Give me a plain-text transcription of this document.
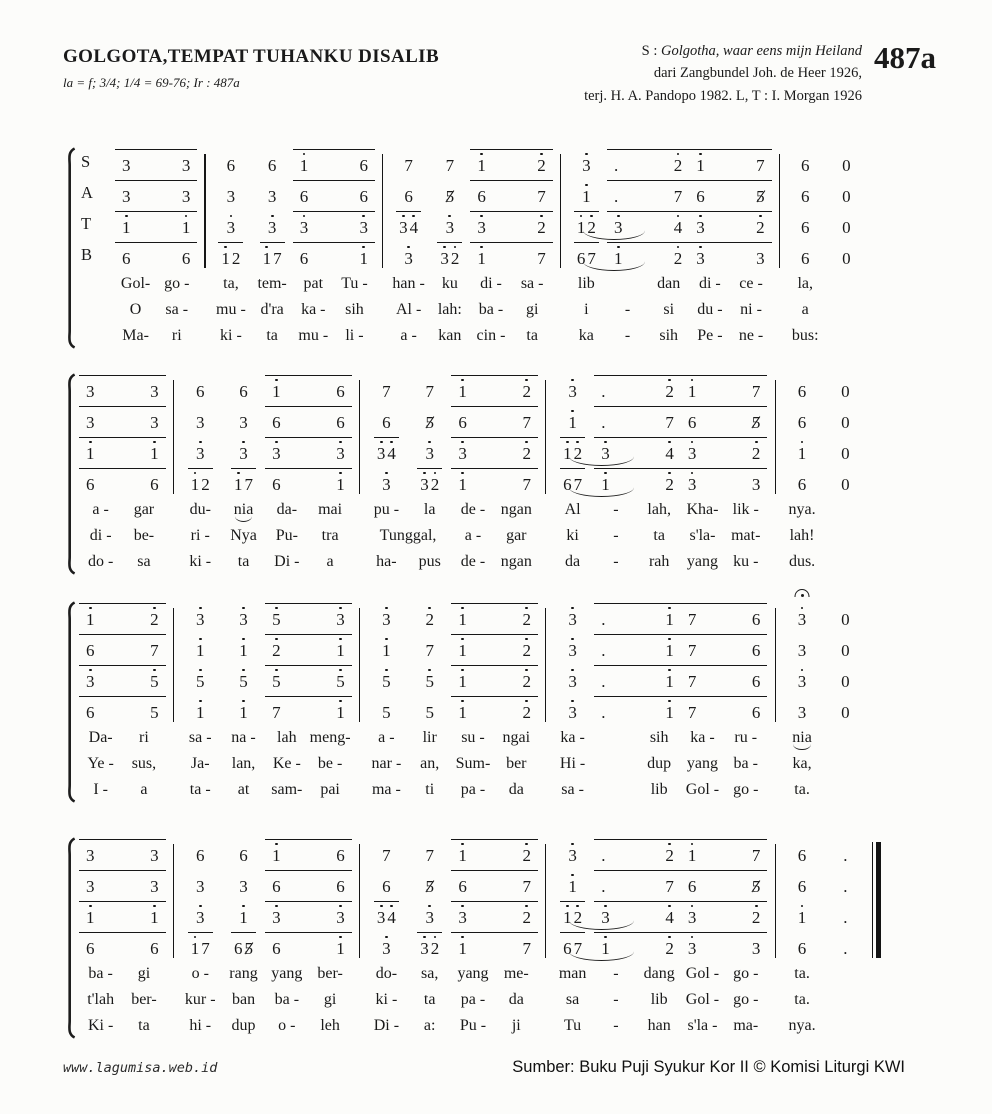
GOLGOTA,TEMPAT TUHANKU DISALIB
la = f; 3/4; 1/4 = 69-76; Ir : 487a
S : Golgotha, waar eens mijn Heiland
dari Zangbundel Joh. de Heer 1926,
terj. H. A. Pandopo 1982. L, T : I. Morgan 1926
487a
S	3	3 6 6 1	6 7 7 1	2 3 .	2 1	7 6 0
A	3	3 3 3 6	6 6 5 6	7 1 .	7 6	5 6 0
T	1	1 3 3 3	3 3 4 3 3	2 1 2 3	4 3	2 6 0
B	6	6 1 2 1 7 6	1 3 3 2 1	7 6 7 1	2 3	3 6 0
Gol- go - ta, tem- pat Tu - han - ku di - sa - lib	dan di - ce - la,
O sa - mu - d'ra ka - sih Al - lah: ba - gi	i - si du - ni - a
Ma- ri ki - ta mu - li - a - kan cin - ta	ka - sih Pe - ne - bus:
3	3 6 6 1	6 7 7 1	2 3 .	2 1	7 6 0
3	3 3 3 6	6 6 5 6	7 1 .	7 6	5 6 0
1	1 3 3 3	3 3 4 3 3	2 1 2 3	4 3	2 1 0
6	6 1 2 1 7 6	1 3 3 2 1	7 6 7 1	2 3	3 6 0
a - gar du- nia da- mai pu - la de - ngan Al - lah, Kha- lik - nya.
di - be- ri - Nya Pu- tra	Tunggal, a - gar ki - ta s'la- mat- lah!
do - sa ki - ta Di - a	ha- pus de - ngan da - rah yang ku - dus.
1	2 3 3 5	3 3 2 1	2 3 .	1 7	6 3 0
6	7 1 1 2	1 1 7 1	2 3 .	1 7	6 3 0
3	5 5 5 5	5 5 5 1	2 3 .	1 7	6 3 0
6	5 1 1 7	1 5 5 1	2 3 .	1 7	6 3 0
Da- ri	sa - na - lah meng- a - lir su - ngai ka -	sih ka - ru - nia
Ye - sus, Ja- lan, Ke - be - nar - an, Sum- ber Hi -	dup yang ba - ka,
I - a	ta - at sam- pai ma - ti pa - da sa -	lib Gol - go - ta.
3	3 6 6 1	6 7 7 1	2 3 .	2 1	7 6 .
3	3 3 3 6	6 6 5 6	7 1 .	7 6	5 6 .
1	1 3 1 3	3 3 4 3 3	2 1 2 3	4 3	2 1 .
6	6 1 7 6 5 6	1 3 3 2 1	7 6 7 1	2 3	3 6 .
ba - gi	o - rang yang ber- do- sa, yang me- man - dang Gol - go - ta.
t'lah ber- kur - ban ba - gi ki - ta pa - da	sa - lib Gol - go - ta.
Ki - ta hi - dup o - leh Di - a: Pu - ji	Tu - han s'la - ma- nya.
www.lagumisa.web.id	Sumber: Buku Puji Syukur Kor II © Komisi Liturgi KWI
